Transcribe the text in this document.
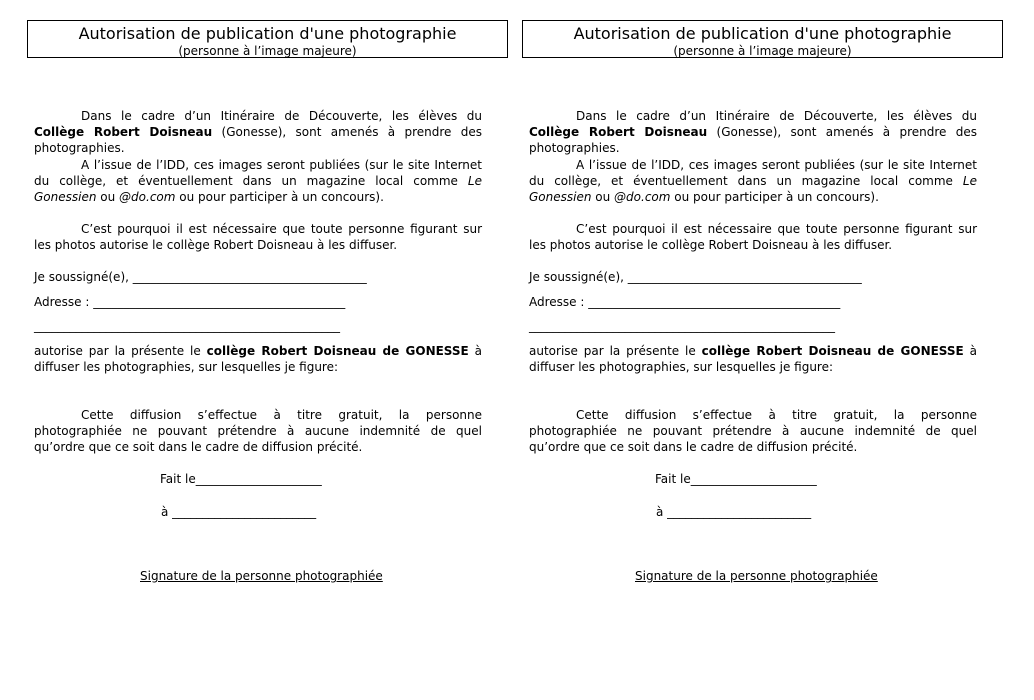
Autorisation de publication d'une photographie
(personne à l’image majeure)

Dans le cadre d’un Itinéraire de Découverte, les élèves du Collège Robert Doisneau (Gonesse), sont amenés à prendre des photographies.

A l’issue de l’IDD, ces images seront publiées (sur le site Internet du collège, et éventuellement dans un magazine local comme Le Gonessien ou @do.com ou pour participer à un concours).

C’est pourquoi il est nécessaire que toute personne figurant sur les photos autorise le collège Robert Doisneau à les diffuser.

Je soussigné(e), _______________________________________
Adresse : __________________________________________
___________________________________________________

autorise par la présente le collège Robert Doisneau de GONESSE à diffuser les photographies, sur lesquelles je figure:

Cette diffusion s’effectue à titre gratuit, la personne photographiée ne pouvant prétendre à aucune indemnité de quel qu’ordre que ce soit dans le cadre de diffusion précité.

Fait le_____________________
à ________________________
Signature de la personne photographiée
Autorisation de publication d'une photographie
(personne à l’image majeure)

Dans le cadre d’un Itinéraire de Découverte, les élèves du Collège Robert Doisneau (Gonesse), sont amenés à prendre des photographies.

A l’issue de l’IDD, ces images seront publiées (sur le site Internet du collège, et éventuellement dans un magazine local comme Le Gonessien ou @do.com ou pour participer à un concours).

C’est pourquoi il est nécessaire que toute personne figurant sur les photos autorise le collège Robert Doisneau à les diffuser.

Je soussigné(e), _______________________________________
Adresse : __________________________________________
___________________________________________________

autorise par la présente le collège Robert Doisneau de GONESSE à diffuser les photographies, sur lesquelles je figure:

Cette diffusion s’effectue à titre gratuit, la personne photographiée ne pouvant prétendre à aucune indemnité de quel qu’ordre que ce soit dans le cadre de diffusion précité.

Fait le_____________________
à ________________________
Signature de la personne photographiée
